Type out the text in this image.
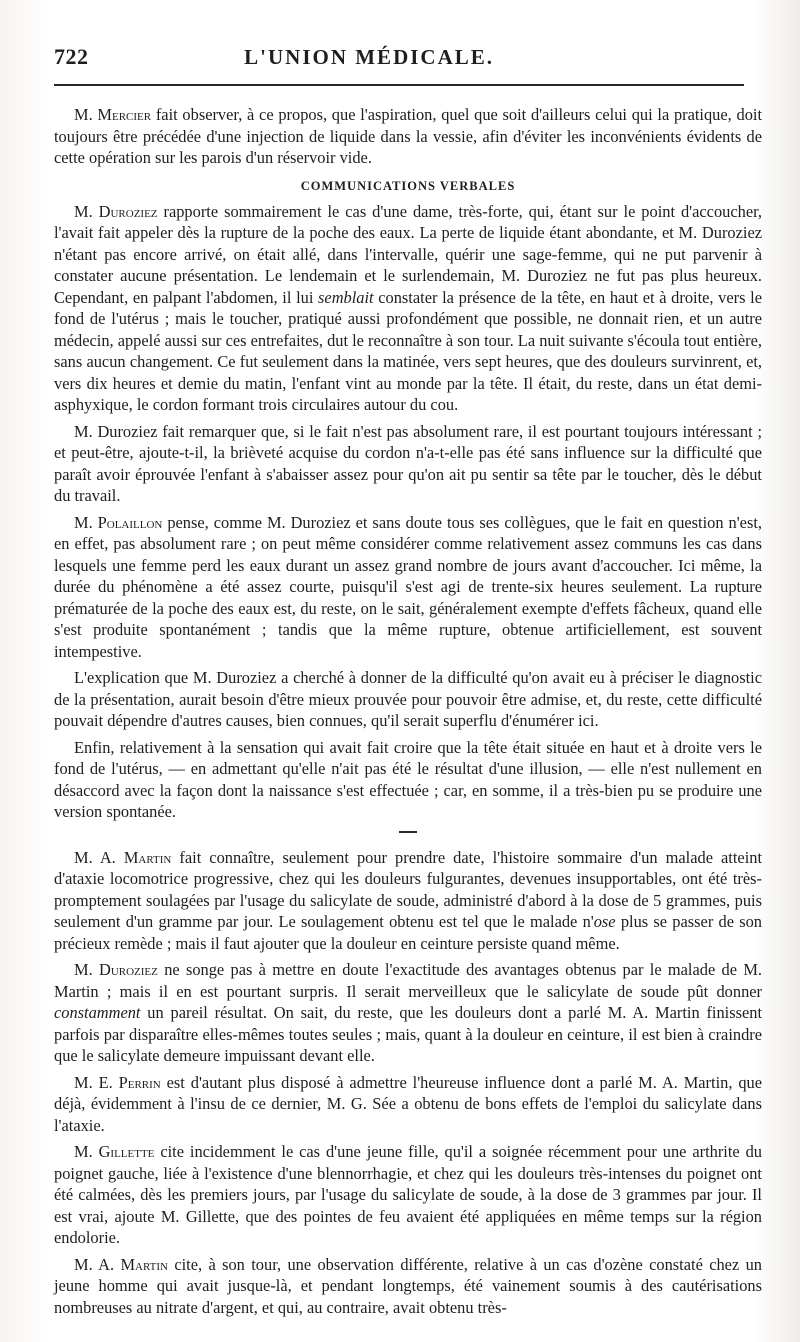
722	L'UNION MÉDICALE.

M. Mercier fait observer, à ce propos, que l'aspiration, quel que soit d'ailleurs celui qui la pratique, doit toujours être précédée d'une injection de liquide dans la vessie, afin d'éviter les inconvénients évidents de cette opération sur les parois d'un réservoir vide.

COMMUNICATIONS VERBALES

M. Duroziez rapporte sommairement le cas d'une dame, très-forte, qui, étant sur le point d'accoucher, l'avait fait appeler dès la rupture de la poche des eaux. La perte de liquide étant abondante, et M. Duroziez n'étant pas encore arrivé, on était allé, dans l'intervalle, quérir une sage-femme, qui ne put parvenir à constater aucune présentation. Le lendemain et le surlendemain, M. Duroziez ne fut pas plus heureux. Cependant, en palpant l'abdomen, il lui semblait constater la présence de la tête, en haut et à droite, vers le fond de l'utérus ; mais le toucher, pratiqué aussi profondément que possible, ne donnait rien, et un autre médecin, appelé aussi sur ces entrefaites, dut le reconnaître à son tour. La nuit suivante s'écoula tout entière, sans aucun changement. Ce fut seulement dans la matinée, vers sept heures, que des douleurs survinrent, et, vers dix heures et demie du matin, l'enfant vint au monde par la tête. Il était, du reste, dans un état demi-asphyxique, le cordon formant trois circulaires autour du cou.

M. Duroziez fait remarquer que, si le fait n'est pas absolument rare, il est pourtant toujours intéressant ; et peut-être, ajoute-t-il, la brièveté acquise du cordon n'a-t-elle pas été sans influence sur la difficulté que paraît avoir éprouvée l'enfant à s'abaisser assez pour qu'on ait pu sentir sa tête par le toucher, dès le début du travail.

M. Polaillon pense, comme M. Duroziez et sans doute tous ses collègues, que le fait en question n'est, en effet, pas absolument rare ; on peut même considérer comme relativement assez communs les cas dans lesquels une femme perd les eaux durant un assez grand nombre de jours avant d'accoucher. Ici même, la durée du phénomène a été assez courte, puisqu'il s'est agi de trente-six heures seulement. La rupture prématurée de la poche des eaux est, du reste, on le sait, généralement exempte d'effets fâcheux, quand elle s'est produite spontanément ; tandis que la même rupture, obtenue artificiellement, est souvent intempestive.

L'explication que M. Duroziez a cherché à donner de la difficulté qu'on avait eu à préciser le diagnostic de la présentation, aurait besoin d'être mieux prouvée pour pouvoir être admise, et, du reste, cette difficulté pouvait dépendre d'autres causes, bien connues, qu'il serait superflu d'énumérer ici.

Enfin, relativement à la sensation qui avait fait croire que la tête était située en haut et à droite vers le fond de l'utérus, — en admettant qu'elle n'ait pas été le résultat d'une illusion, — elle n'est nullement en désaccord avec la façon dont la naissance s'est effectuée ; car, en somme, il a très-bien pu se produire une version spontanée.

M. A. Martin fait connaître, seulement pour prendre date, l'histoire sommaire d'un malade atteint d'ataxie locomotrice progressive, chez qui les douleurs fulgurantes, devenues insupportables, ont été très-promptement soulagées par l'usage du salicylate de soude, administré d'abord à la dose de 5 grammes, puis seulement d'un gramme par jour. Le soulagement obtenu est tel que le malade n'ose plus se passer de son précieux remède ; mais il faut ajouter que la douleur en ceinture persiste quand même.

M. Duroziez ne songe pas à mettre en doute l'exactitude des avantages obtenus par le malade de M. Martin ; mais il en est pourtant surpris. Il serait merveilleux que le salicylate de soude pût donner constamment un pareil résultat. On sait, du reste, que les douleurs dont a parlé M. A. Martin finissent parfois par disparaître elles-mêmes toutes seules ; mais, quant à la douleur en ceinture, il est bien à craindre que le salicylate demeure impuissant devant elle.

M. E. Perrin est d'autant plus disposé à admettre l'heureuse influence dont a parlé M. A. Martin, que déjà, évidemment à l'insu de ce dernier, M. G. Sée a obtenu de bons effets de l'emploi du salicylate dans l'ataxie.

M. Gillette cite incidemment le cas d'une jeune fille, qu'il a soignée récemment pour une arthrite du poignet gauche, liée à l'existence d'une blennorrhagie, et chez qui les douleurs très-intenses du poignet ont été calmées, dès les premiers jours, par l'usage du salicylate de soude, à la dose de 3 grammes par jour. Il est vrai, ajoute M. Gillette, que des pointes de feu avaient été appliquées en même temps sur la région endolorie.

M. A. Martin cite, à son tour, une observation différente, relative à un cas d'ozène constaté chez un jeune homme qui avait jusque-là, et pendant longtemps, été vainement soumis à des cautérisations nombreuses au nitrate d'argent, et qui, au contraire, avait obtenu très-
